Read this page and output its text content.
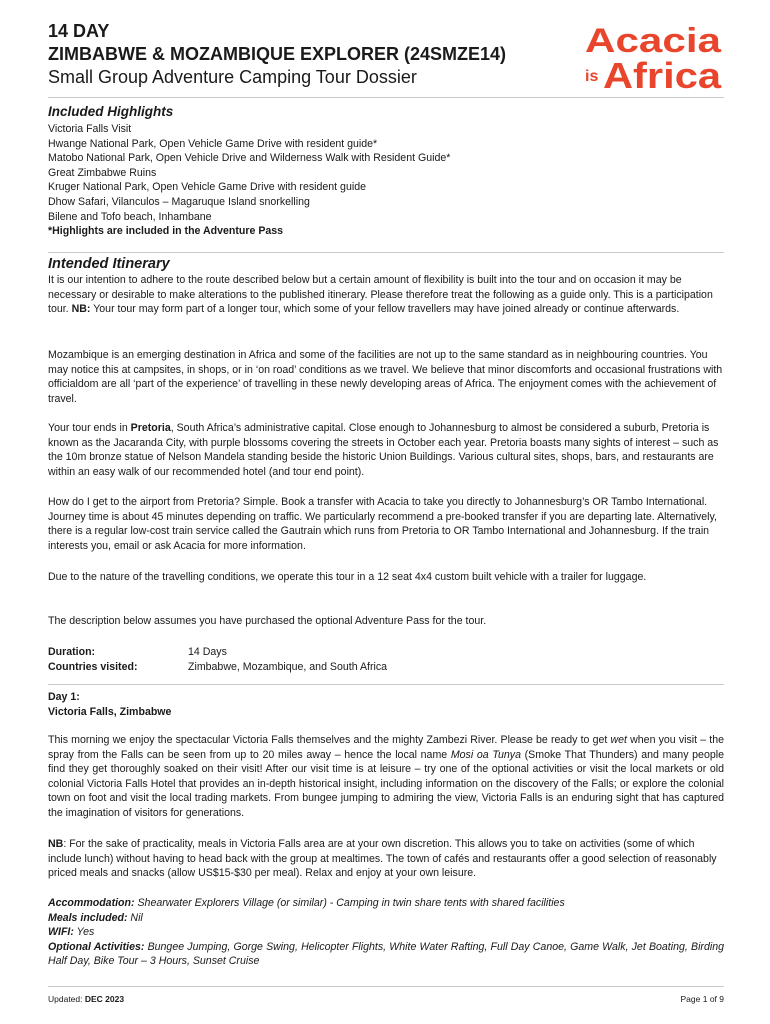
14 DAY
ZIMBABWE & MOZAMBIQUE EXPLORER (24SMZE14)
Small Group Adventure Camping Tour Dossier
Acacia
is Africa
Included Highlights
Victoria Falls Visit
Hwange National Park, Open Vehicle Game Drive with resident guide*
Matobo National Park, Open Vehicle Drive and Wilderness Walk with Resident Guide*
Great Zimbabwe Ruins
Kruger National Park, Open Vehicle Game Drive with resident guide
Dhow Safari, Vilanculos – Magaruque Island snorkelling
Bilene and Tofo beach, Inhambane
*Highlights are included in the Adventure Pass
Intended Itinerary
It is our intention to adhere to the route described below but a certain amount of flexibility is built into the tour and on occasion it may be necessary or desirable to make alterations to the published itinerary. Please therefore treat the following as a guide only. This is a participation tour. NB: Your tour may form part of a longer tour, which some of your fellow travellers may have joined already or continue afterwards.
Mozambique is an emerging destination in Africa and some of the facilities are not up to the same standard as in neighbouring countries. You may notice this at campsites, in shops, or in ‘on road’ conditions as we travel. We believe that minor discomforts and occasional frustrations with officialdom are all ‘part of the experience’ of travelling in these newly developing areas of Africa. The enjoyment comes with the achievement of travel.
Your tour ends in Pretoria, South Africa’s administrative capital. Close enough to Johannesburg to almost be considered a suburb, Pretoria is known as the Jacaranda City, with purple blossoms covering the streets in October each year. Pretoria boasts many sights of interest – such as the 10m bronze statue of Nelson Mandela standing beside the historic Union Buildings. Various cultural sites, shops, bars, and restaurants are within an easy walk of our recommended hotel (and tour end point).
How do I get to the airport from Pretoria? Simple. Book a transfer with Acacia to take you directly to Johannesburg’s OR Tambo International. Journey time is about 45 minutes depending on traffic. We particularly recommend a pre-booked transfer if you are departing late. Alternatively, there is a regular low-cost train service called the Gautrain which runs from Pretoria to OR Tambo International and Johannesburg. If the train interests you, email or ask Acacia for more information.
Due to the nature of the travelling conditions, we operate this tour in a 12 seat 4x4 custom built vehicle with a trailer for luggage.
The description below assumes you have purchased the optional Adventure Pass for the tour.
Duration:	14 Days
Countries visited:	Zimbabwe, Mozambique, and South Africa
Day 1:
Victoria Falls, Zimbabwe
This morning we enjoy the spectacular Victoria Falls themselves and the mighty Zambezi River. Please be ready to get wet when you visit – the spray from the Falls can be seen from up to 20 miles away – hence the local name Mosi oa Tunya (Smoke That Thunders) and many people find they get thoroughly soaked on their visit! After our visit time is at leisure – try one of the optional activities or visit the local markets or old colonial Victoria Falls Hotel that provides an in-depth historical insight, including information on the discovery of the Falls; or explore the colonial town on foot and visit the local trading markets. From bungee jumping to admiring the view, Victoria Falls is an enduring sight that has captured the imagination of visitors for generations.
NB: For the sake of practicality, meals in Victoria Falls area are at your own discretion. This allows you to take on activities (some of which include lunch) without having to head back with the group at mealtimes. The town of cafés and restaurants offer a good selection of reasonably priced meals and snacks (allow US$15-$30 per meal). Relax and enjoy at your own leisure.
Accommodation: Shearwater Explorers Village (or similar) - Camping in twin share tents with shared facilities
Meals included: Nil
WIFI: Yes
Optional Activities: Bungee Jumping, Gorge Swing, Helicopter Flights, White Water Rafting, Full Day Canoe, Game Walk, Jet Boating, Birding Half Day, Bike Tour – 3 Hours, Sunset Cruise
Updated: DEC 2023	Page 1 of 9
